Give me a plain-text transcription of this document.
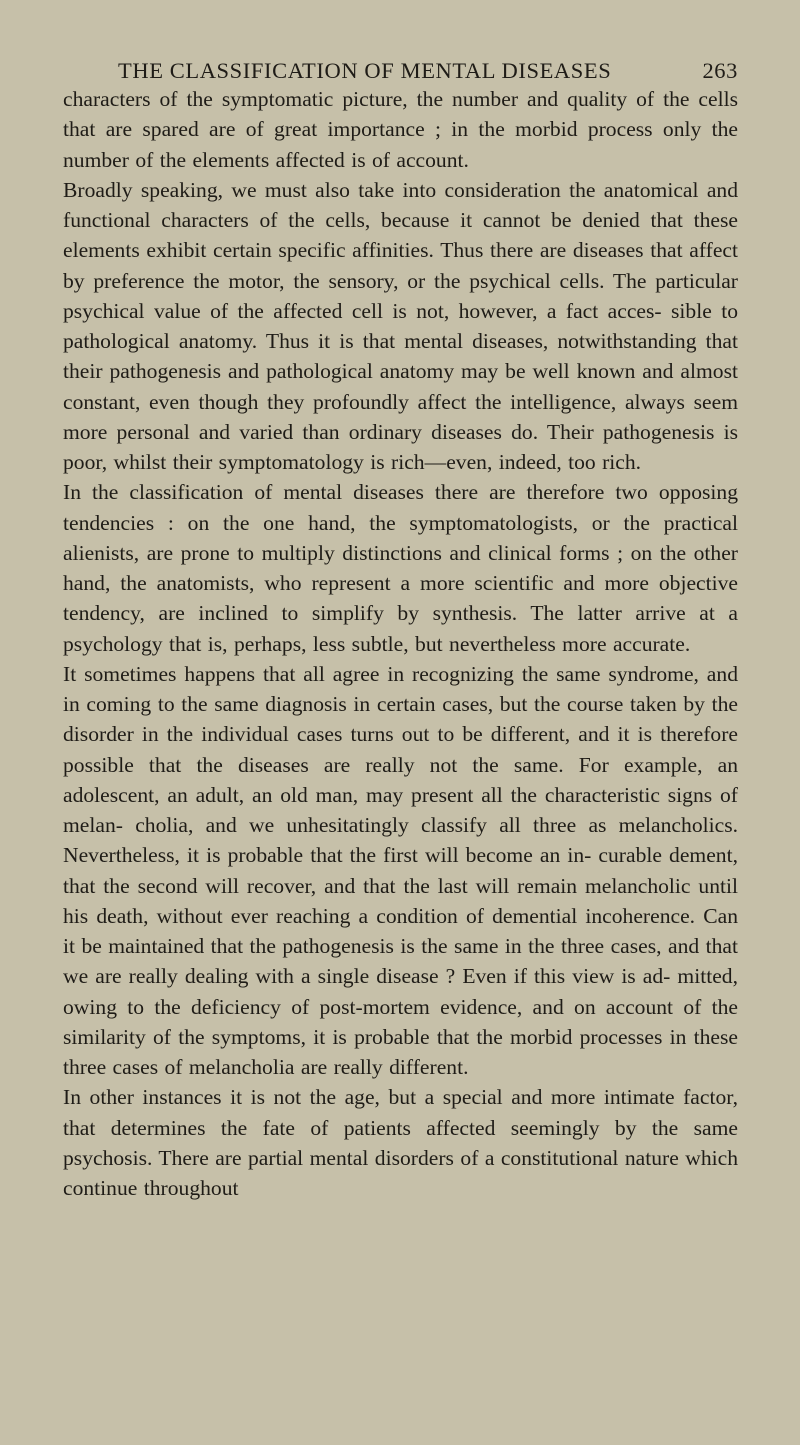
THE CLASSIFICATION OF MENTAL DISEASES	263

characters of the symptomatic picture, the number and quality of the cells that are spared are of great importance ; in the morbid process only the number of the elements affected is of account.

Broadly speaking, we must also take into consideration the anatomical and functional characters of the cells, because it cannot be denied that these elements exhibit certain specific affinities. Thus there are diseases that affect by preference the motor, the sensory, or the psychical cells. The particular psychical value of the affected cell is not, however, a fact acces- sible to pathological anatomy. Thus it is that mental diseases, notwithstanding that their pathogenesis and pathological anatomy may be well known and almost constant, even though they profoundly affect the intelligence, always seem more personal and varied than ordinary diseases do. Their pathogenesis is poor, whilst their symptomatology is rich—even, indeed, too rich.

In the classification of mental diseases there are therefore two opposing tendencies : on the one hand, the symptomatologists, or the practical alienists, are prone to multiply distinctions and clinical forms ; on the other hand, the anatomists, who represent a more scientific and more objective tendency, are inclined to simplify by synthesis. The latter arrive at a psychology that is, perhaps, less subtle, but nevertheless more accurate.

It sometimes happens that all agree in recognizing the same syndrome, and in coming to the same diagnosis in certain cases, but the course taken by the disorder in the individual cases turns out to be different, and it is therefore possible that the diseases are really not the same. For example, an adolescent, an adult, an old man, may present all the characteristic signs of melan- cholia, and we unhesitatingly classify all three as melancholics. Nevertheless, it is probable that the first will become an in- curable dement, that the second will recover, and that the last will remain melancholic until his death, without ever reaching a condition of demential incoherence. Can it be maintained that the pathogenesis is the same in the three cases, and that we are really dealing with a single disease ? Even if this view is ad- mitted, owing to the deficiency of post-mortem evidence, and on account of the similarity of the symptoms, it is probable that the morbid processes in these three cases of melancholia are really different.

In other instances it is not the age, but a special and more intimate factor, that determines the fate of patients affected seemingly by the same psychosis. There are partial mental disorders of a constitutional nature which continue throughout
